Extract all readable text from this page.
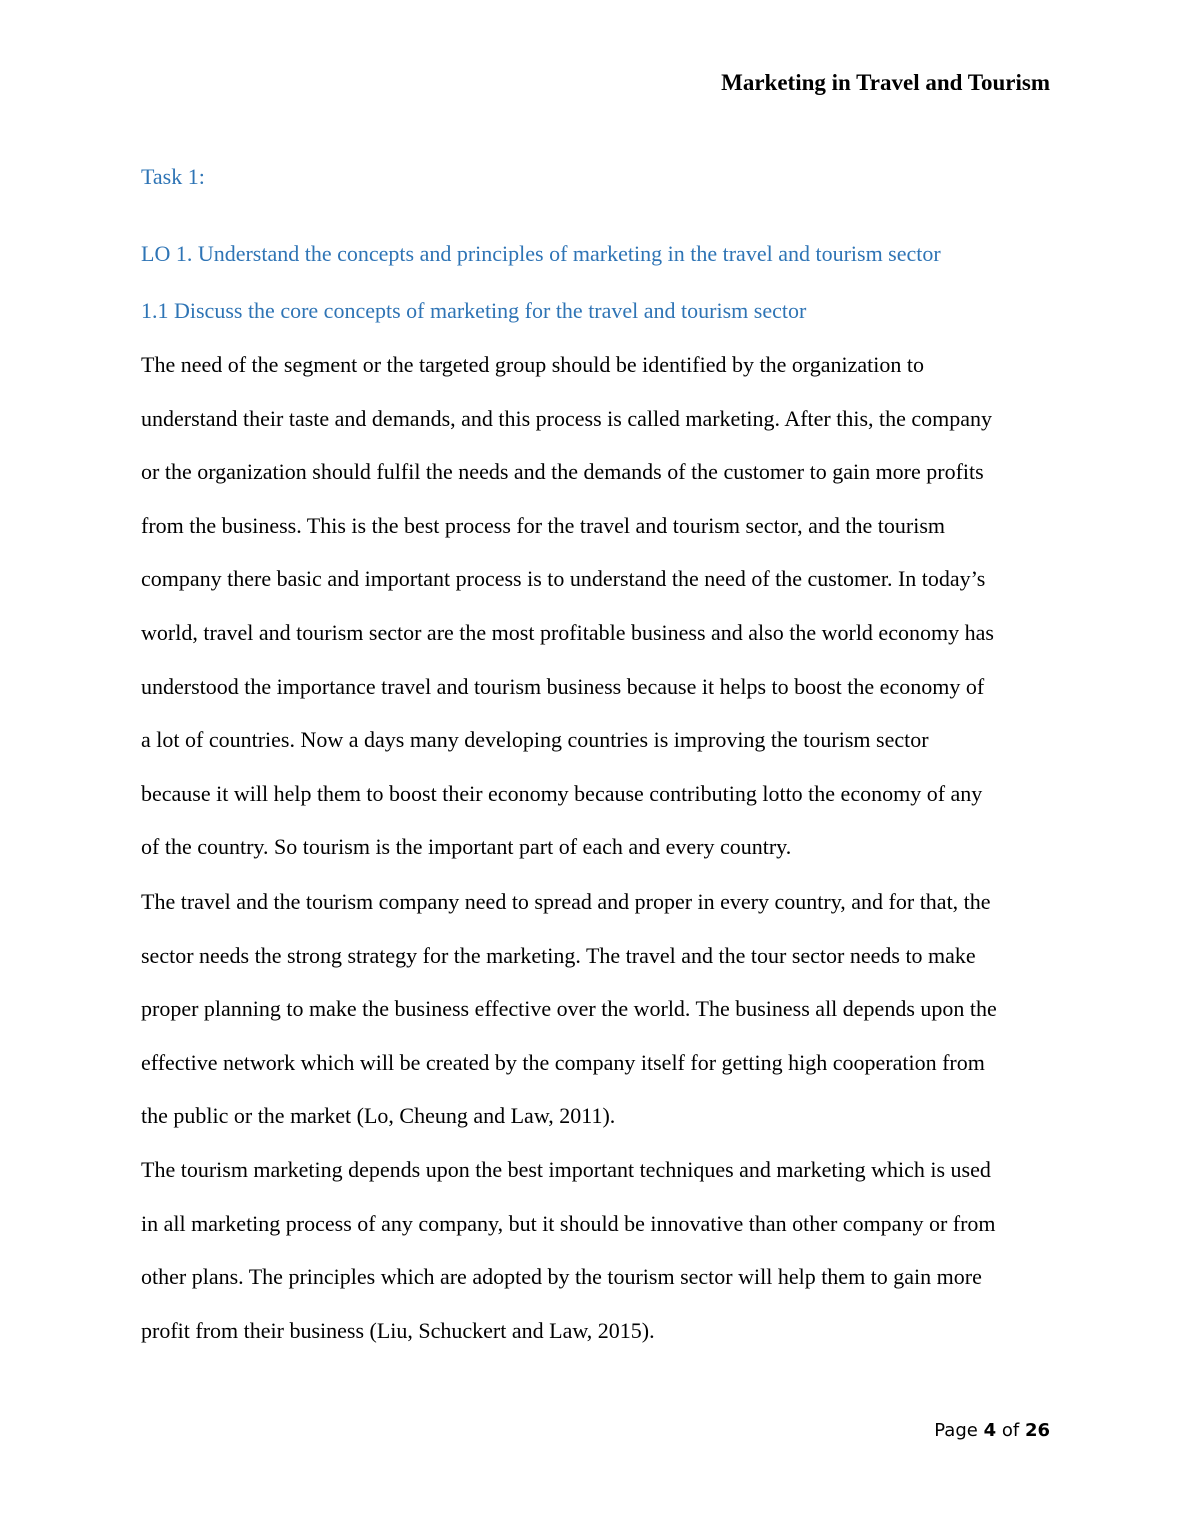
Marketing in Travel and Tourism
Task 1:
LO 1. Understand the concepts and principles of marketing in the travel and tourism sector
1.1 Discuss the core concepts of marketing for the travel and tourism sector

The need of the segment or the targeted group should be identified by the organization to
understand their taste and demands, and this process is called marketing. After this, the company
or the organization should fulfil the needs and the demands of the customer to gain more profits
from the business. This is the best process for the travel and tourism sector, and the tourism
company there basic and important process is to understand the need of the customer. In today’s
world, travel and tourism sector are the most profitable business and also the world economy has
understood the importance travel and tourism business because it helps to boost the economy of
a lot of countries. Now a days many developing countries is improving the tourism sector
because it will help them to boost their economy because contributing lotto the economy of any
of the country. So tourism is the important part of each and every country.

The travel and the tourism company need to spread and proper in every country, and for that, the
sector needs the strong strategy for the marketing. The travel and the tour sector needs to make
proper planning to make the business effective over the world. The business all depends upon the
effective network which will be created by the company itself for getting high cooperation from
the public or the market (Lo, Cheung and Law, 2011).

The tourism marketing depends upon the best important techniques and marketing which is used
in all marketing process of any company, but it should be innovative than other company or from
other plans. The principles which are adopted by the tourism sector will help them to gain more
profit from their business (Liu, Schuckert and Law, 2015).

Page 4 of 26
